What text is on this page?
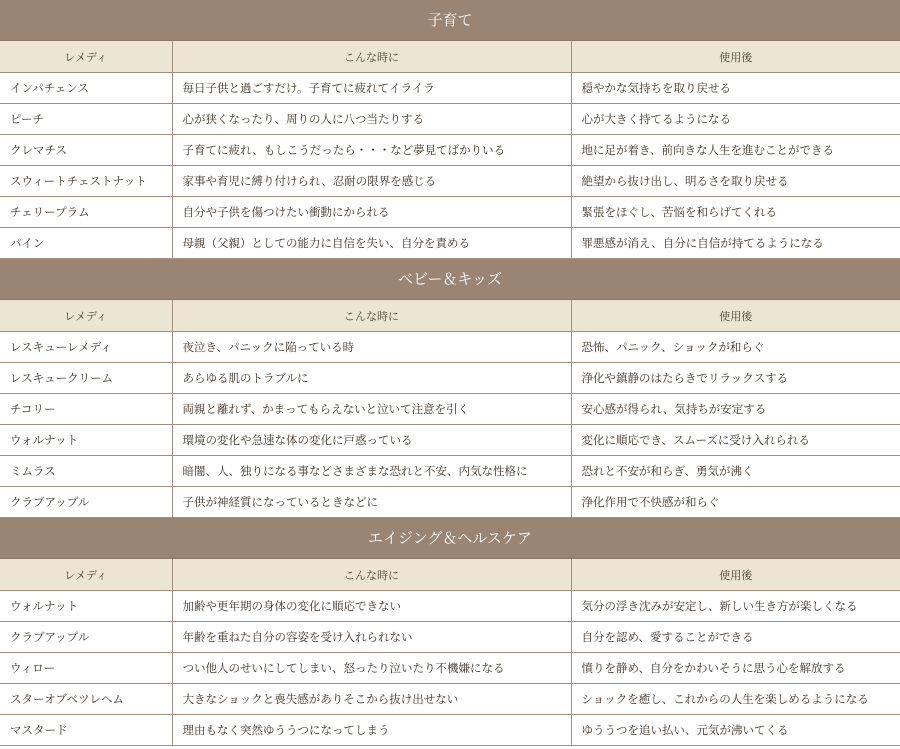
子育て
レメディ	こんな時に	使用後
インパチェンス	毎日子供と過ごすだけ。子育てに疲れてイライラ	穏やかな気持ちを取り戻せる
ピーチ	心が狭くなったり、周りの人に八つ当たりする	心が大きく持てるようになる
クレマチス	子育てに疲れ、もしこうだったら・・・など夢見てばかりいる	地に足が着き、前向きな人生を進むことができる
スウィートチェストナット	家事や育児に縛り付けられ、忍耐の限界を感じる	絶望から抜け出し、明るさを取り戻せる
チェリープラム	自分や子供を傷つけたい衝動にかられる	緊張をほぐし、苦悩を和らげてくれる
パイン	母親（父親）としての能力に自信を失い、自分を責める	罪悪感が消え、自分に自信が持てるようになる
ベビー＆キッズ
レメディ	こんな時に	使用後
レスキューレメディ	夜泣き、パニックに陥っている時	恐怖、パニック、ショックが和らぐ
レスキュークリーム	あらゆる肌のトラブルに	浄化や鎮静のはたらきでリラックスする
チコリー	両親と離れず、かまってもらえないと泣いて注意を引く	安心感が得られ、気持ちが安定する
ウォルナット	環境の変化や急速な体の変化に戸惑っている	変化に順応でき、スムーズに受け入れられる
ミムラス	暗闇、人、独りになる事などさまざまな恐れと不安、内気な性格に	恐れと不安が和らぎ、勇気が沸く
クラブアップル	子供が神経質になっているときなどに	浄化作用で不快感が和らぐ
エイジング＆ヘルスケア
レメディ	こんな時に	使用後
ウォルナット	加齢や更年期の身体の変化に順応できない	気分の浮き沈みが安定し、新しい生き方が楽しくなる
クラブアップル	年齢を重ねた自分の容姿を受け入れられない	自分を認め、愛することができる
ウィロー	つい他人のせいにしてしまい、怒ったり泣いたり不機嫌になる	憤りを静め、自分をかわいそうに思う心を解放する
スターオブベツレヘム	大きなショックと喪失感がありそこから抜け出せない	ショックを癒し、これからの人生を楽しめるようになる
マスタード	理由もなく突然ゆううつになってしまう	ゆううつを追い払い、元気が沸いてくる
